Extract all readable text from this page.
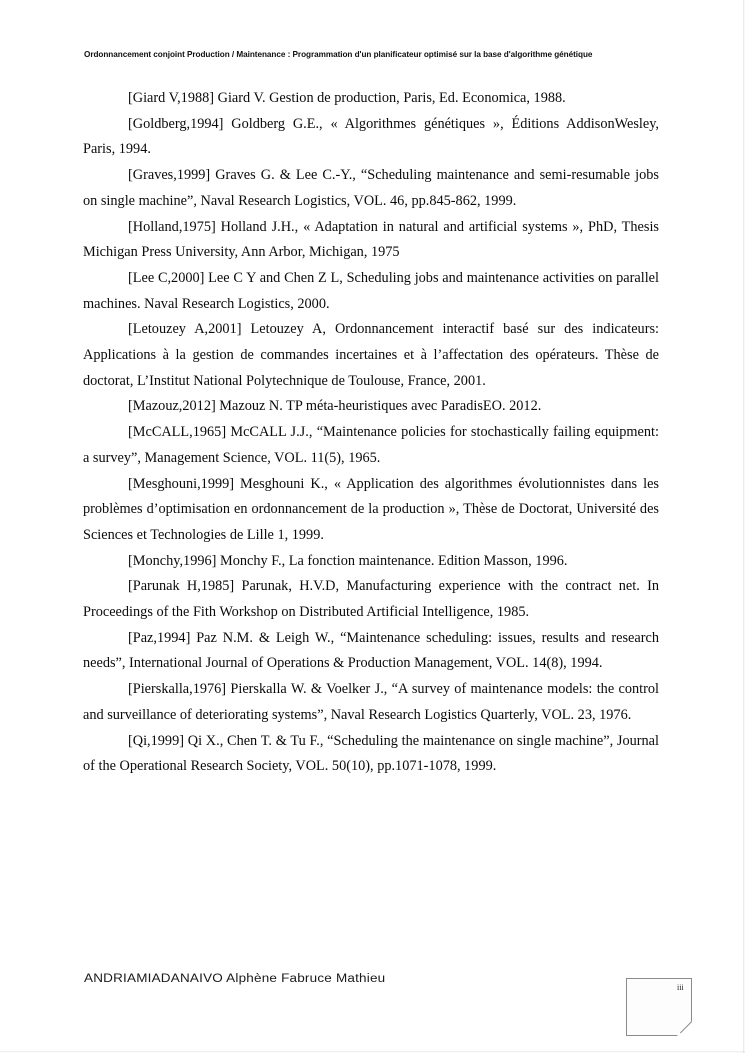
Ordonnancement conjoint Production / Maintenance : Programmation d'un planificateur optimisé sur la base d'algorithme génétique

[Giard V,1988] Giard V. Gestion de production, Paris, Ed. Economica, 1988.

[Goldberg,1994] Goldberg G.E., « Algorithmes génétiques », Éditions AddisonWesley, Paris, 1994.

[Graves,1999] Graves G. & Lee C.-Y., “Scheduling maintenance and semi-resumable jobs on single machine”, Naval Research Logistics, VOL. 46, pp.845-862, 1999.

[Holland,1975] Holland J.H., « Adaptation in natural and artificial systems », PhD, Thesis Michigan Press University, Ann Arbor, Michigan, 1975

[Lee C,2000] Lee C Y and Chen Z L, Scheduling jobs and maintenance activities on parallel machines. Naval Research Logistics, 2000.

[Letouzey A,2001] Letouzey A, Ordonnancement interactif basé sur des indicateurs: Applications à la gestion de commandes incertaines et à l’affectation des opérateurs. Thèse de doctorat, L’Institut National Polytechnique de Toulouse, France, 2001.

[Mazouz,2012] Mazouz N. TP méta-heuristiques avec ParadisEO. 2012.

[McCALL,1965] McCALL J.J., “Maintenance policies for stochastically failing equipment: a survey”, Management Science, VOL. 11(5), 1965.

[Mesghouni,1999] Mesghouni K., « Application des algorithmes évolutionnistes dans les problèmes d’optimisation en ordonnancement de la production », Thèse de Doctorat, Université des Sciences et Technologies de Lille 1, 1999.

[Monchy,1996] Monchy F., La fonction maintenance. Edition Masson, 1996.

[Parunak H,1985] Parunak, H.V.D, Manufacturing experience with the contract net. In Proceedings of the Fith Workshop on Distributed Artificial Intelligence, 1985.

[Paz,1994] Paz N.M. & Leigh W., “Maintenance scheduling: issues, results and research needs”, International Journal of Operations & Production Management, VOL. 14(8), 1994.

[Pierskalla,1976] Pierskalla W. & Voelker J., “A survey of maintenance models: the control and surveillance of deteriorating systems”, Naval Research Logistics Quarterly, VOL. 23, 1976.

[Qi,1999] Qi X., Chen T. & Tu F., “Scheduling the maintenance on single machine”, Journal of the Operational Research Society, VOL. 50(10), pp.1071-1078, 1999.

ANDRIAMIADANAIVO Alphène Fabruce Mathieu
iii
